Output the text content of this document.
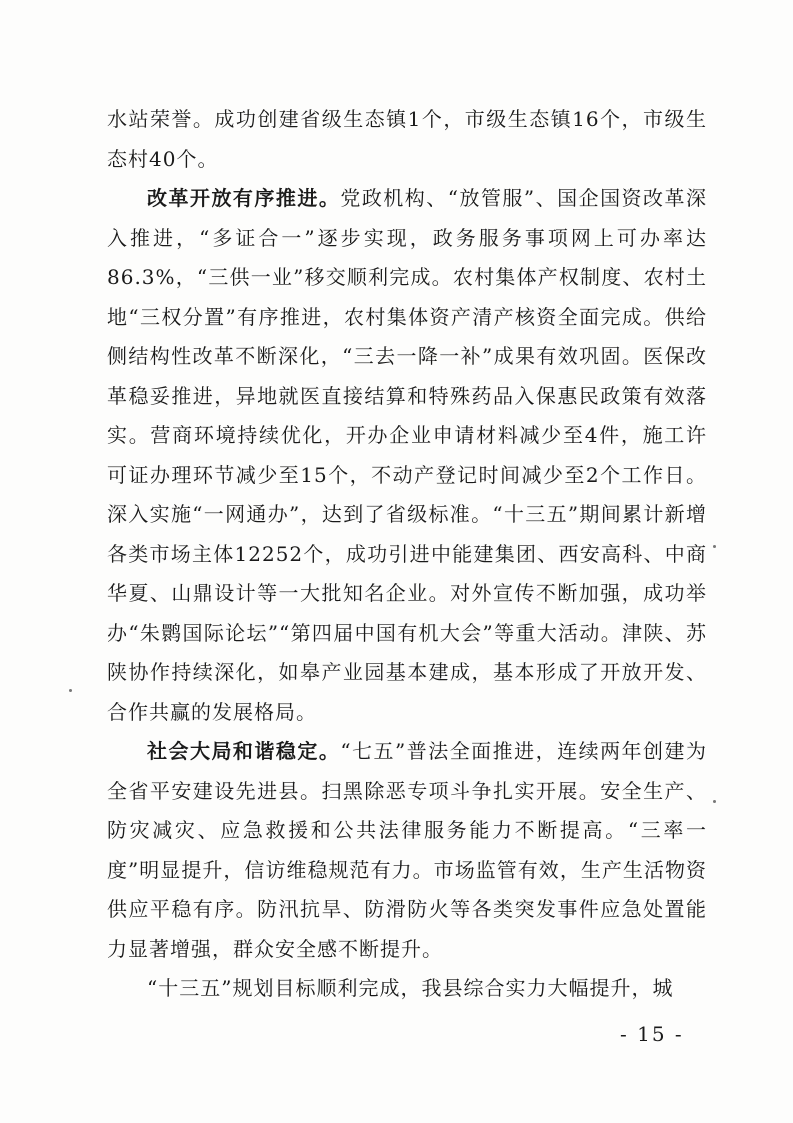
水站荣誉。成功创建省级生态镇1个，市级生态镇16个，市级生态村40个。

改革开放有序推进。党政机构、“放管服”、国企国资改革深入推进，“多证合一”逐步实现，政务服务事项网上可办率达86.3%，“三供一业”移交顺利完成。农村集体产权制度、农村土地“三权分置”有序推进，农村集体资产清产核资全面完成。供给侧结构性改革不断深化，“三去一降一补”成果有效巩固。医保改革稳妥推进，异地就医直接结算和特殊药品入保惠民政策有效落实。营商环境持续优化，开办企业申请材料减少至4件，施工许可证办理环节减少至15个，不动产登记时间减少至2个工作日。深入实施“一网通办”，达到了省级标准。“十三五”期间累计新增各类市场主体12252个，成功引进中能建集团、西安高科、中商华夏、山鼎设计等一大批知名企业。对外宣传不断加强，成功举办“朱鹮国际论坛”“第四届中国有机大会”等重大活动。津陕、苏陕协作持续深化，如皋产业园基本建成，基本形成了开放开发、合作共赢的发展格局。

社会大局和谐稳定。“七五”普法全面推进，连续两年创建为全省平安建设先进县。扫黑除恶专项斗争扎实开展。安全生产、防灾减灾、应急救援和公共法律服务能力不断提高。“三率一度”明显提升，信访维稳规范有力。市场监管有效，生产生活物资供应平稳有序。防汛抗旱、防滑防火等各类突发事件应急处置能力显著增强，群众安全感不断提升。

“十三五”规划目标顺利完成，我县综合实力大幅提升，城

- 15 -
